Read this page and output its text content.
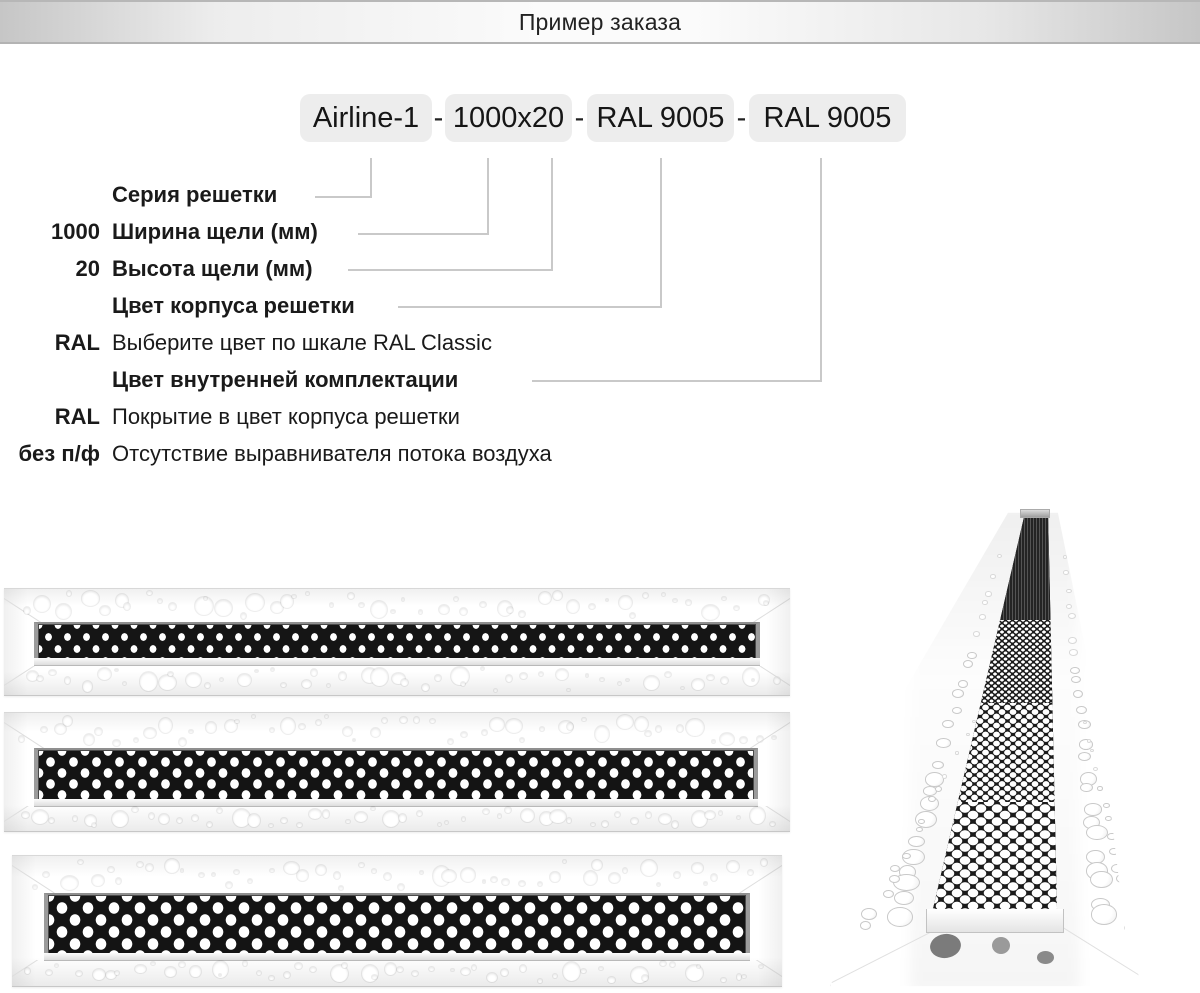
Пример заказа
Airline-1 - 1000x20 - RAL 9005 - RAL 9005
Серия решетки
1000 Ширина щели (мм)
20 Высота щели (мм)
Цвет корпуса решетки
RAL Выберите цвет по шкале RAL Classic
Цвет внутренней комплектации
RAL Покрытие в цвет корпуса решетки
без п/ф Отсутствие выравнивателя потока воздуха
